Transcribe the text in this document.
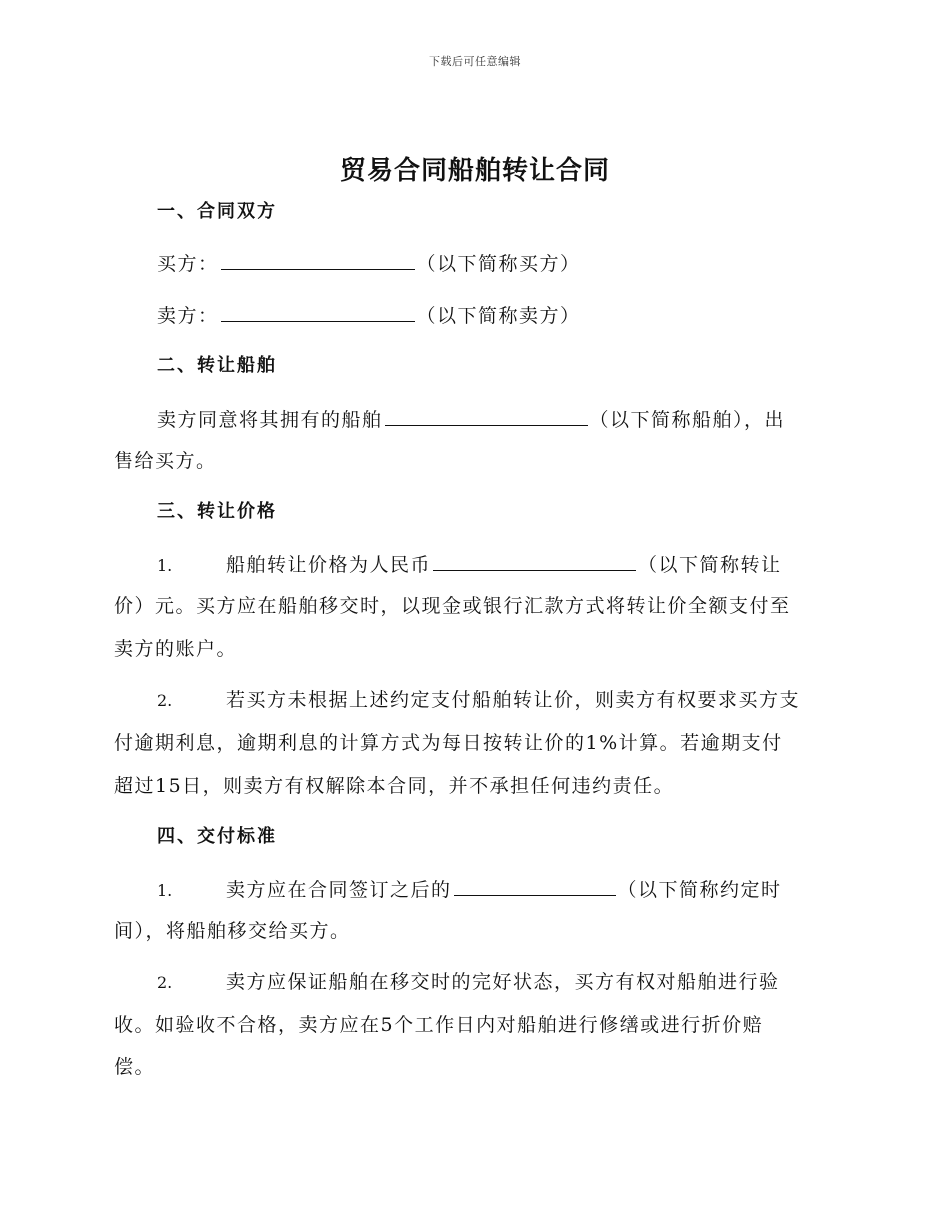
下载后可任意编辑
贸易合同船舶转让合同
一、合同双方
买方：	（以下简称买方）
卖方：	（以下简称卖方）
二、转让船舶
卖方同意将其拥有的船舶	（以下简称船舶），出
售给买方。
三、转让价格
1.	船舶转让价格为人民币	（以下简称转让
价）元。买方应在船舶移交时，以现金或银行汇款方式将转让价全额支付至
卖方的账户。
2.	若买方未根据上述约定支付船舶转让价，则卖方有权要求买方支
付逾期利息，逾期利息的计算方式为每日按转让价的1%计算。若逾期支付
超过15日，则卖方有权解除本合同，并不承担任何违约责任。
四、交付标准
1.	卖方应在合同签订之后的	（以下简称约定时
间），将船舶移交给买方。
2.	卖方应保证船舶在移交时的完好状态，买方有权对船舶进行验
收。如验收不合格，卖方应在5个工作日内对船舶进行修缮或进行折价赔
偿。
